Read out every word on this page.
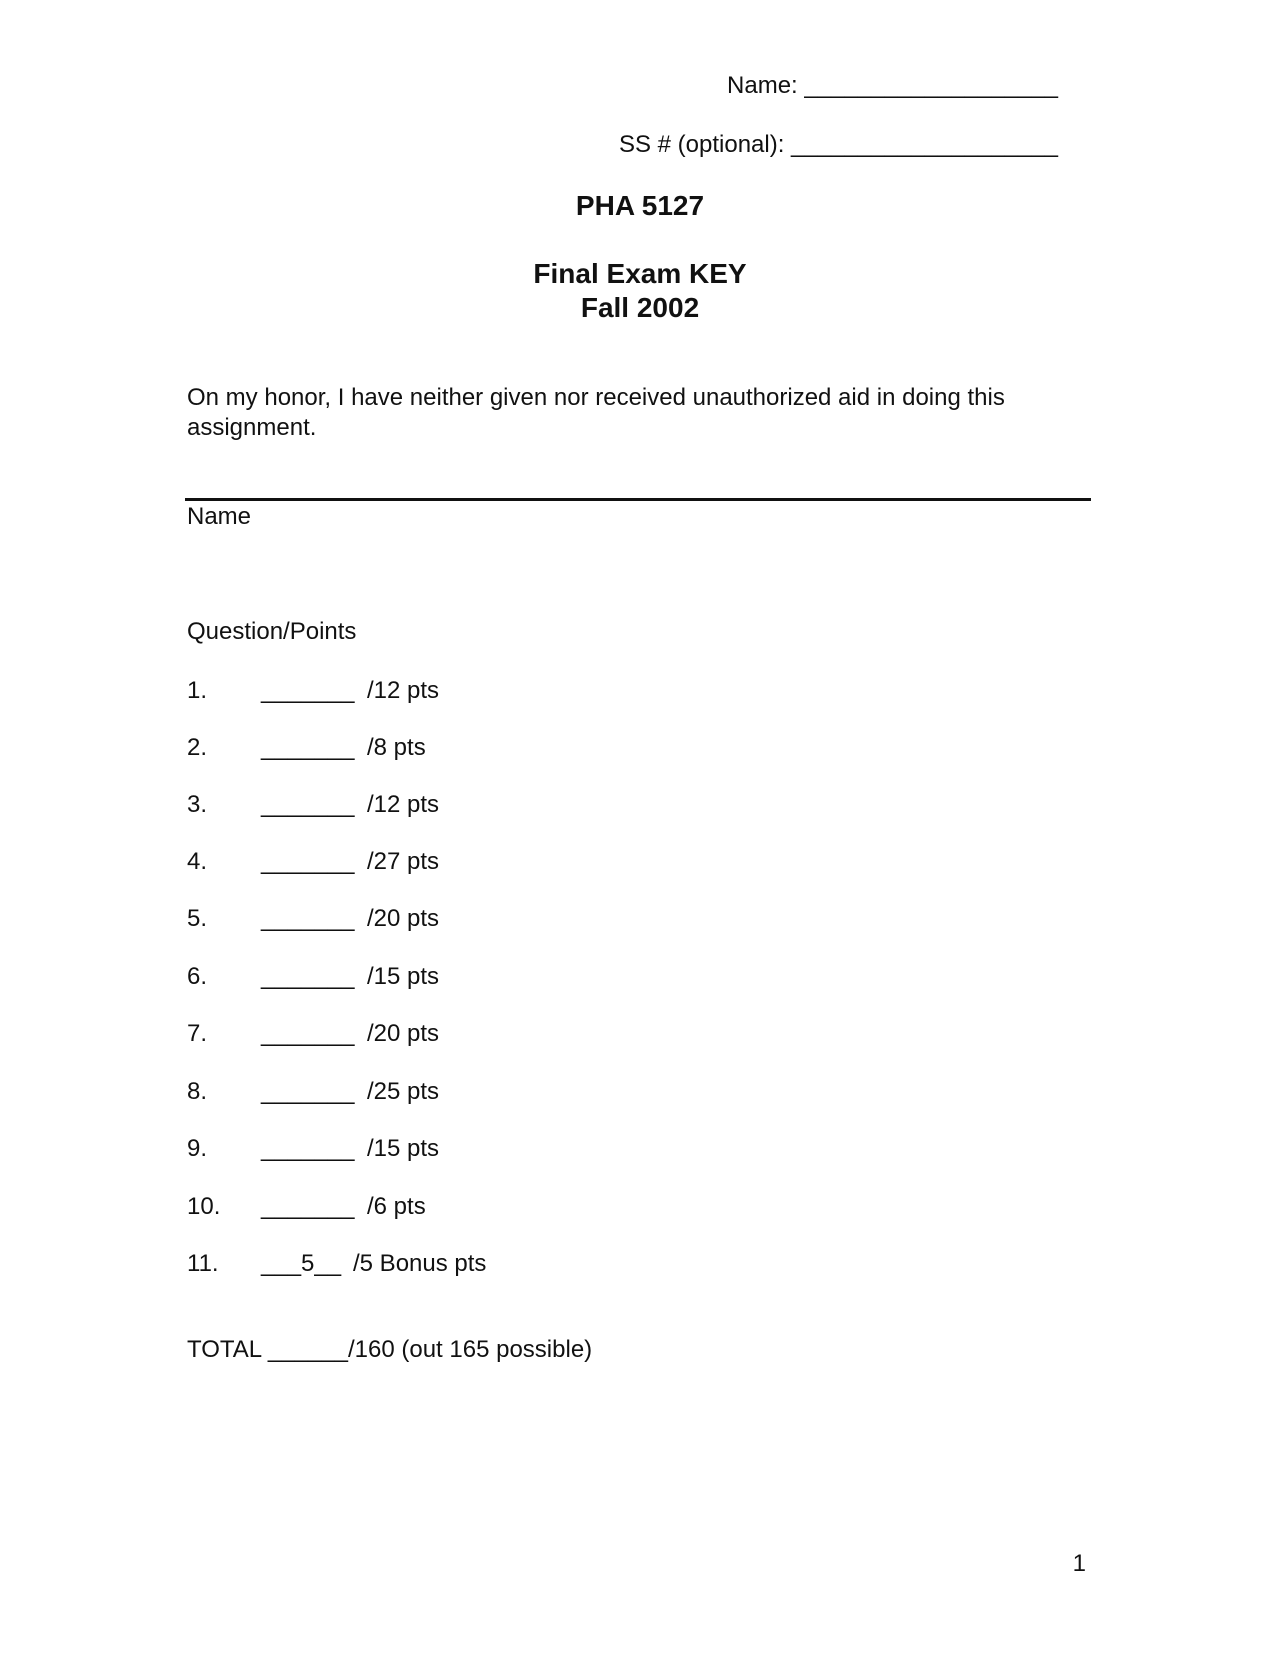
Name: ___________________
SS # (optional): ____________________
PHA 5127
Final Exam KEY
Fall 2002
On my honor, I have neither given nor received unauthorized aid in doing this assignment.
Name
Question/Points
1. _______ /12 pts
2. _______ /8 pts
3. _______ /12 pts
4. _______ /27 pts
5. _______ /20 pts
6. _______ /15 pts
7. _______ /20 pts
8. _______ /25 pts
9. _______ /15 pts
10. _______ /6 pts
11. ___5__ /5 Bonus pts
TOTAL ______/160 (out 165 possible)
1
